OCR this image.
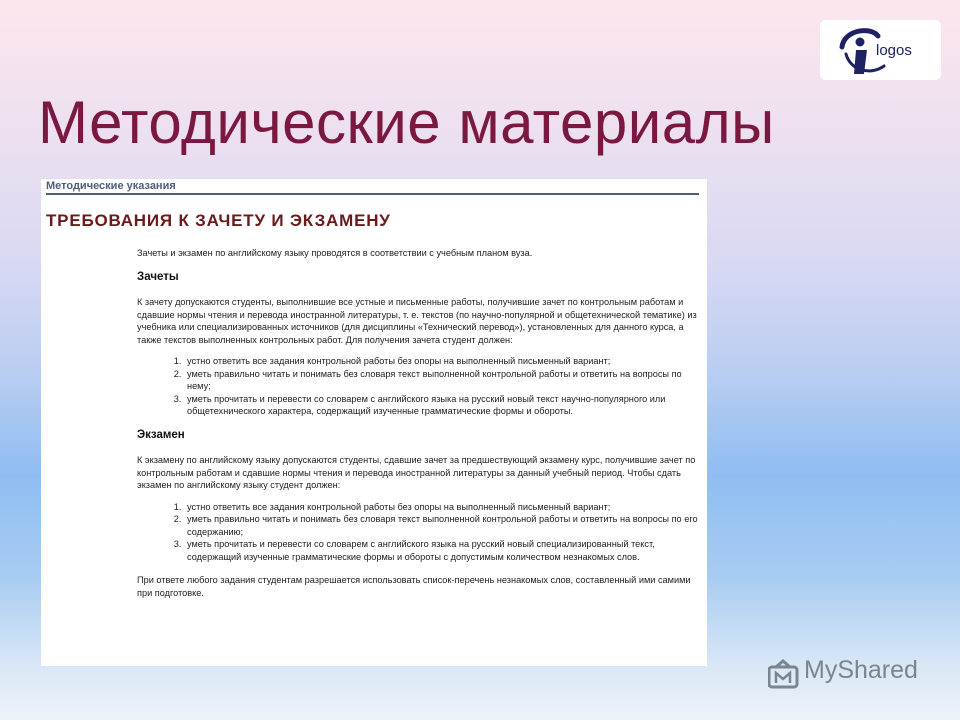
Методические материалы
logos
Методические указания
ТРЕБОВАНИЯ К ЗАЧЕТУ И ЭКЗАМЕНУ

Зачеты и экзамен по английскому языку проводятся в соответствии с учебным планом вуза.

Зачеты

К зачету допускаются студенты, выполнившие все устные и письменные работы, получившие зачет по контрольным работам и сдавшие нормы чтения и перевода иностранной литературы, т. е. текстов (по научно-популярной и общетехнической тематике) из учебника или специализированных источников (для дисциплины «Технический перевод»), установленных для данного курса, а также текстов выполненных контрольных работ. Для получения зачета студент должен:

1. устно ответить все задания контрольной работы без опоры на выполненный письменный вариант;
2. уметь правильно читать и понимать без словаря текст выполненной контрольной работы и ответить на вопросы по нему;
3. уметь прочитать и перевести со словарем с английского языка на русский новый текст научно-популярного или общетехнического характера, содержащий изученные грамматические формы и обороты.
Экзамен

К экзамену по английскому языку допускаются студенты, сдавшие зачет за предшествующий экзамену курс, получившие зачет по контрольным работам и сдавшие нормы чтения и перевода иностранной литературы за данный учебный период. Чтобы сдать экзамен по английскому языку студент должен:

1. устно ответить все задания контрольной работы без опоры на выполненный письменный вариант;
2. уметь правильно читать и понимать без словаря текст выполненной контрольной работы и ответить на вопросы по его содержанию;
3. уметь прочитать и перевести со словарем с английского языка на русский новый специализированный текст, содержащий изученные грамматические формы и обороты с допустимым количеством незнакомых слов.

При ответе любого задания студентам разрешается использовать список-перечень незнакомых слов, составленный ими самими при подготовке.

MyShared
